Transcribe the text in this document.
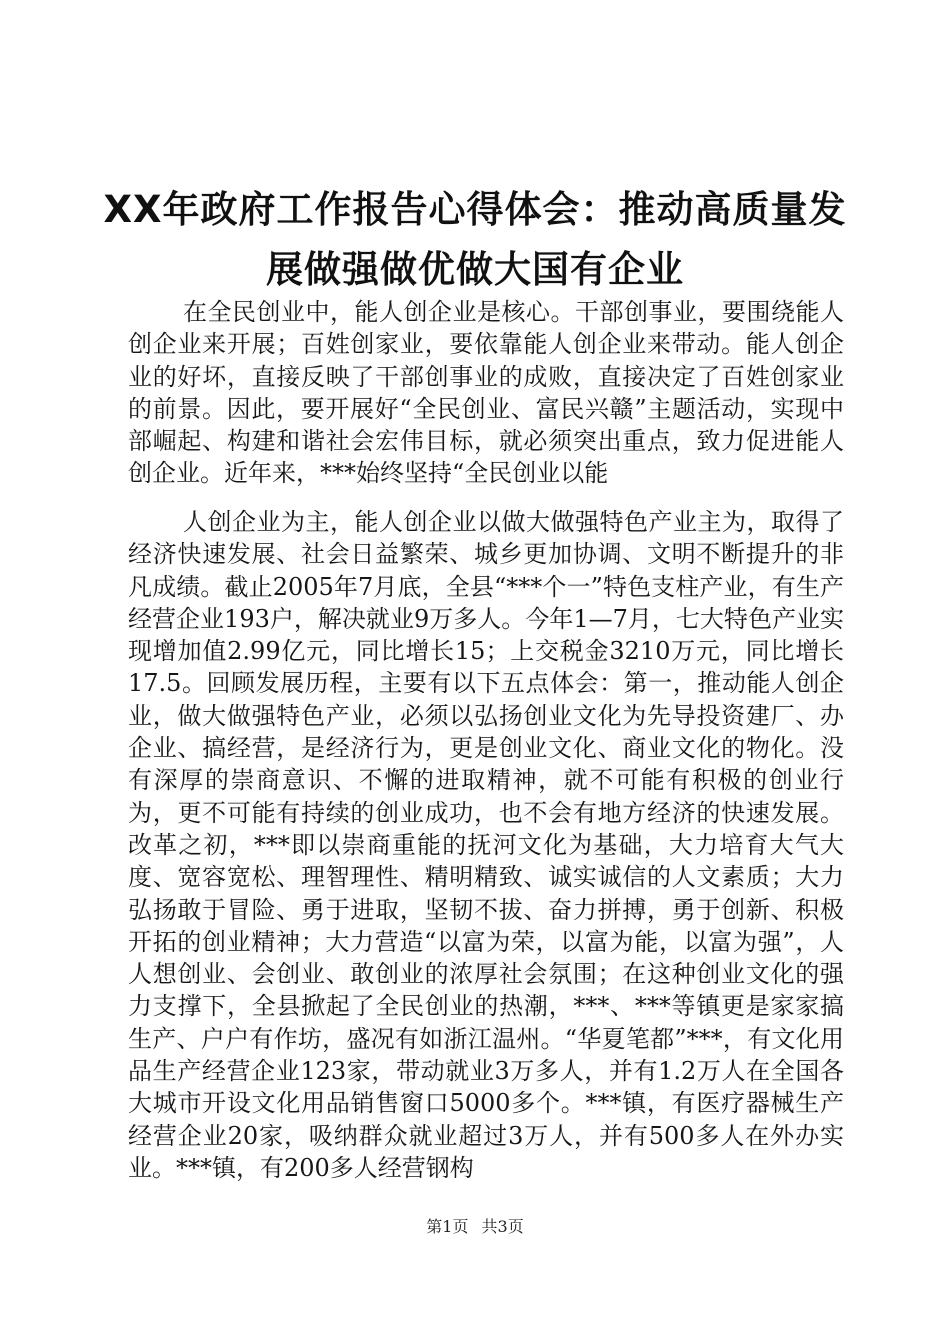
XX年政府工作报告心得体会：推动高质量发
展做强做优做大国有企业

在全民创业中，能人创企业是核心。干部创事业，要围绕能人创企业来开展；百姓创家业，要依靠能人创企业来带动。能人创企业的好坏，直接反映了干部创事业的成败，直接决定了百姓创家业的前景。因此，要开展好“全民创业、富民兴赣”主题活动，实现中部崛起、构建和谐社会宏伟目标，就必须突出重点，致力促进能人创企业。近年来，***始终坚持“全民创业以能

人创企业为主，能人创企业以做大做强特色产业主为，取得了经济快速发展、社会日益繁荣、城乡更加协调、文明不断提升的非凡成绩。截止2005年7月底，全县“***个一”特色支柱产业，有生产经营企业193户，解决就业9万多人。今年1—7月，七大特色产业实现增加值2.99亿元，同比增长15；上交税金3210万元，同比增长17.5。回顾发展历程，主要有以下五点体会：第一，推动能人创企业，做大做强特色产业，必须以弘扬创业文化为先导投资建厂、办企业、搞经营，是经济行为，更是创业文化、商业文化的物化。没有深厚的崇商意识、不懈的进取精神，就不可能有积极的创业行为，更不可能有持续的创业成功，也不会有地方经济的快速发展。改革之初，***即以崇商重能的抚河文化为基础，大力培育大气大度、宽容宽松、理智理性、精明精致、诚实诚信的人文素质；大力弘扬敢于冒险、勇于进取，坚韧不拔、奋力拼搏，勇于创新、积极开拓的创业精神；大力营造“以富为荣，以富为能，以富为强”，人人想创业、会创业、敢创业的浓厚社会氛围；在这种创业文化的强力支撑下，全县掀起了全民创业的热潮，***、***等镇更是家家搞生产、户户有作坊，盛况有如浙江温州。“华夏笔都”***，有文化用品生产经营企业123家，带动就业3万多人，并有1.2万人在全国各大城市开设文化用品销售窗口5000多个。***镇，有医疗器械生产经营企业20家，吸纳群众就业超过3万人，并有500多人在外办实业。***镇，有200多人经营钢构

第1页 共3页
